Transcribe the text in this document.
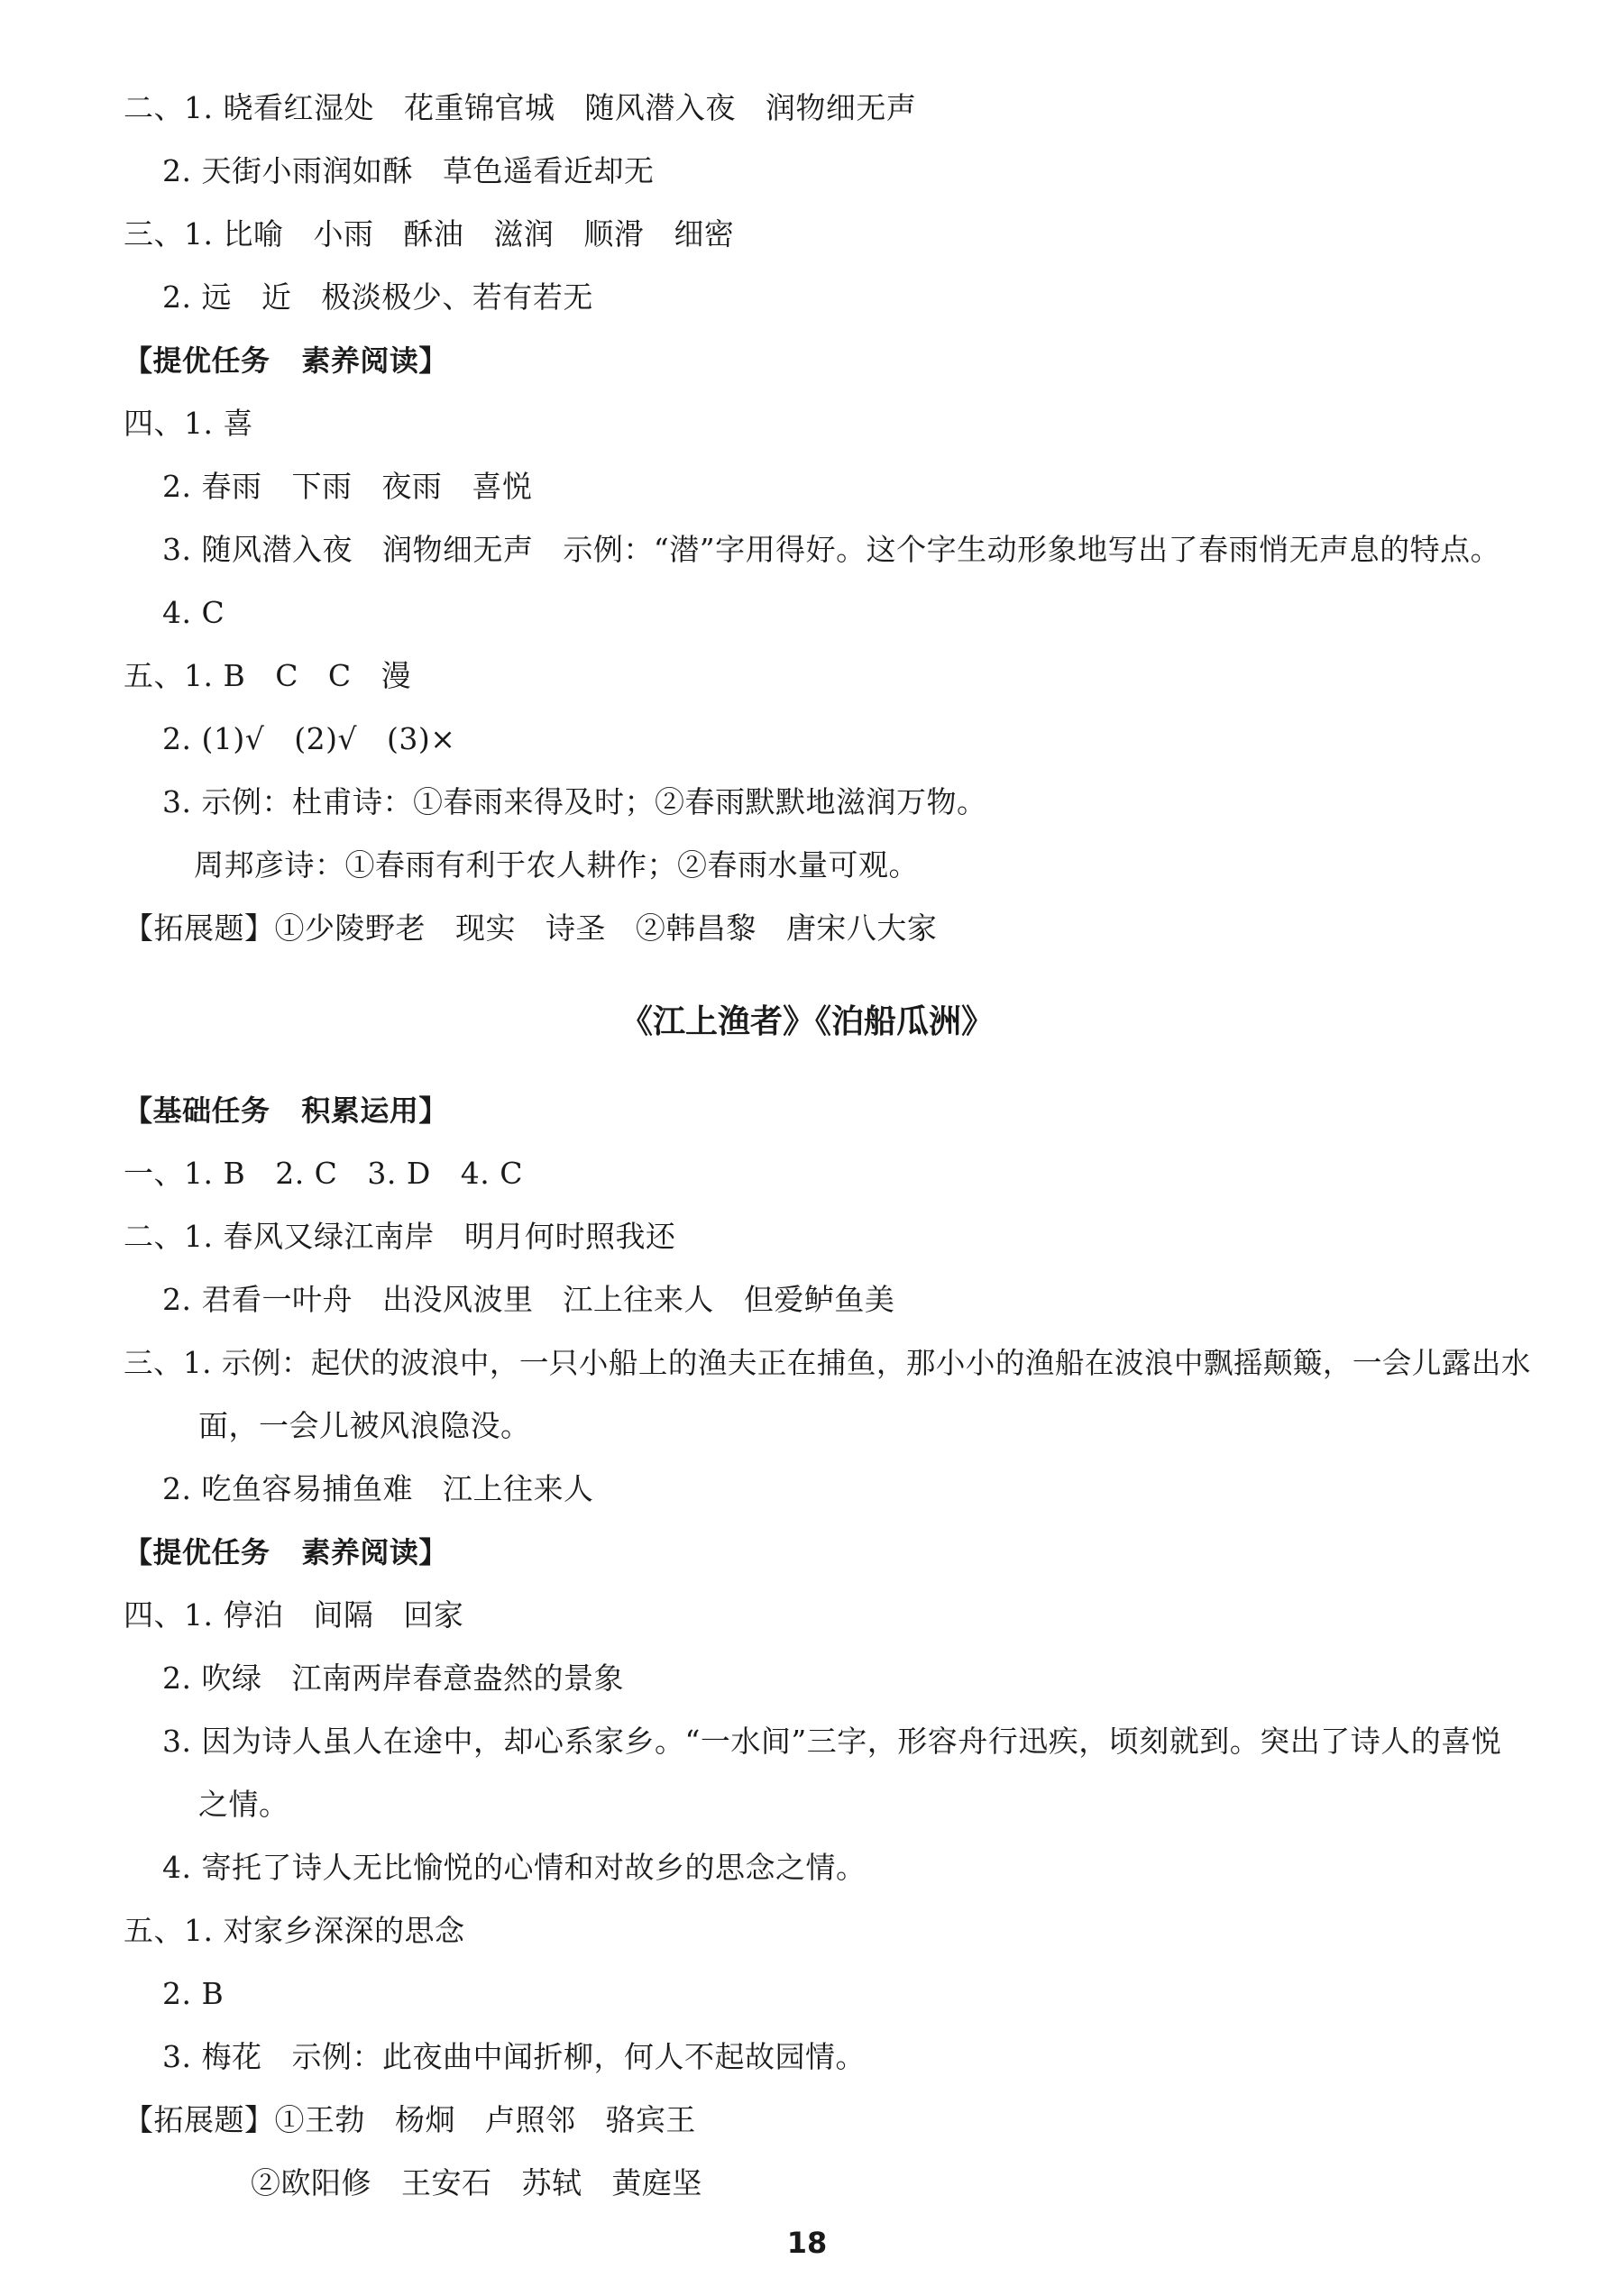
二、1. 晓看红湿处   花重锦官城   随风潜入夜   润物细无声
2. 天街小雨润如酥   草色遥看近却无
三、1. 比喻   小雨   酥油   滋润   顺滑   细密
2. 远   近   极淡极少、若有若无
【提优任务   素养阅读】
四、1. 喜
2. 春雨   下雨   夜雨   喜悦
3. 随风潜入夜   润物细无声   示例：“潜”字用得好。这个字生动形象地写出了春雨悄无声息的特点。
4. C
五、1. B   C   C   漫
2. (1)√   (2)√   (3)×
3. 示例：杜甫诗：①春雨来得及时；②春雨默默地滋润万物。
周邦彦诗：①春雨有利于农人耕作；②春雨水量可观。
【拓展题】①少陵野老   现实   诗圣   ②韩昌黎   唐宋八大家
《江上渔者》《泊船瓜洲》
【基础任务   积累运用】
一、1. B   2. C   3. D   4. C
二、1. 春风又绿江南岸   明月何时照我还
2. 君看一叶舟   出没风波里   江上往来人   但爱鲈鱼美
三、1. 示例：起伏的波浪中，一只小船上的渔夫正在捕鱼，那小小的渔船在波浪中飘摇颠簸，一会儿露出水
面，一会儿被风浪隐没。
2. 吃鱼容易捕鱼难   江上往来人
【提优任务   素养阅读】
四、1. 停泊   间隔   回家
2. 吹绿   江南两岸春意盎然的景象
3. 因为诗人虽人在途中，却心系家乡。“一水间”三字，形容舟行迅疾，顷刻就到。突出了诗人的喜悦
之情。
4. 寄托了诗人无比愉悦的心情和对故乡的思念之情。
五、1. 对家乡深深的思念
2. B
3. 梅花   示例：此夜曲中闻折柳，何人不起故园情。
【拓展题】①王勃   杨炯   卢照邻   骆宾王
②欧阳修   王安石   苏轼   黄庭坚
18
